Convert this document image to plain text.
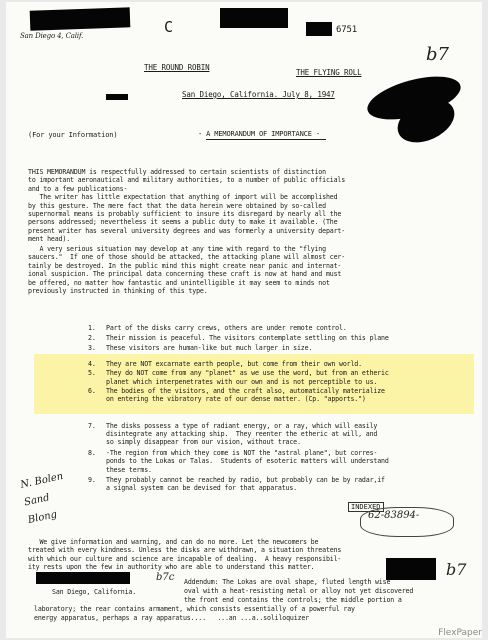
San Diego 4, Calif.	C	6751
b7
THE ROUND ROBIN
THE FLYING ROLL
San Diego, California. July 8, 1947
(For your Information)	- A MEMORANDUM OF IMPORTANCE -
THIS MEMORANDUM is respectfully addressed to certain scientists of distinction
to important aeronautical and military authorities, to a number of public officials
and to a few publications-
The writer has little expectation that anything of import will be accomplished
by this gesture. The mere fact that the data herein were obtained by so-called
supernormal means is probably sufficient to insure its disregard by nearly all the
persons addressed; nevertheless it seems a public duty to make it available. (The
present writer has several university degrees and was formerly a university depart-
ment head).
A very serious situation may develop at any time with regard to the "flying
saucers."  If one of those should be attacked, the attacking plane will almost cer-
tainly be destroyed. In the public mind this might create near panic and internat-
ional suspicion. The principal data concerning these craft is now at hand and must
be offered, no matter how fantastic and unintelligible it may seem to minds not
previously instructed in thinking of this type.
1. Part of the disks carry crews, others are under remote control.
2. Their mission is peaceful. The visitors contemplate settling on this plane
3. These visitors are human-like but much larger in size.
4. They are NOT excarnate earth people, but come from their own world.
5. They do NOT come from any "planet" as we use the word, but from an etheric
planet which interpenetrates with our own and is not perceptible to us.
6. The bodies of the visitors, and the craft also, automatically materialize
on entering the vibratory rate of our dense matter. (Cp. "apports.")
7. The disks possess a type of radiant energy, or a ray, which will easily
disintegrate any attacking ship.  They reenter the etheric at will, and
so simply disappear from our vision, without trace.
8. -The region from which they come is NOT the "astral plane", but corres-
ponds to the Lokas or Talas.  Students of esoteric matters will understand
these terms.
9. They probably cannot be reached by radio, but probably can be by radar,if
a signal system can be devised for that apparatus.
INDEXED
62-83894-
N. Bolen
Sand
Blong
We give information and warning, and can do no more. Let the newcomers be
treated with every kindness. Unless the disks are withdrawn, a situation threatens
with which our culture and science are incapable of dealing.  A heavy responsibil-
ity rests upon the few in authority who are able to understand this matter.
b7c	b7
San Diego, California.
Addendum: The Lokas are oval shape, fluted length wise
oval with a heat-resisting metal or alloy not yet discovered
the front end contains the controls; the middle portion a
laboratory; the rear contains armament, which consists essentially of a powerful ray
energy apparatus, perhaps a ray apparatus....   ...an ...a..soliloquizer
FlexPaper
